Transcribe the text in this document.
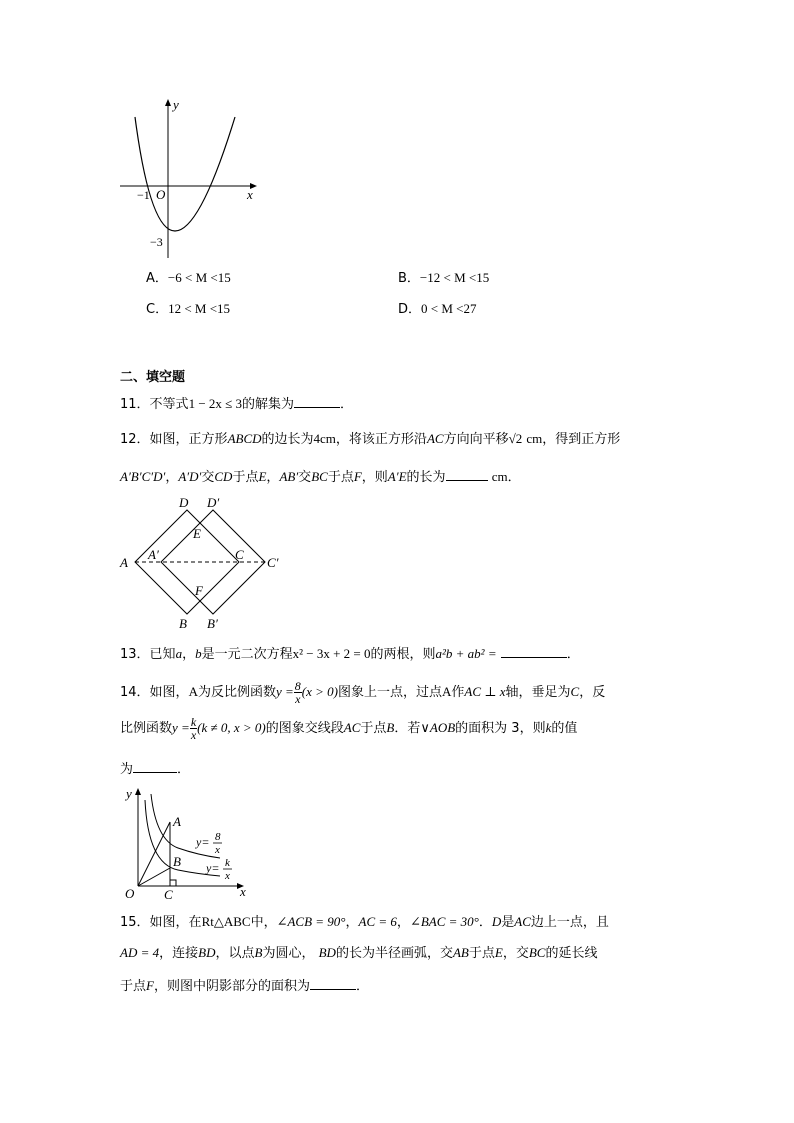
y
x
O
−1
−3
A．−6 < M <15	B．−12 < M <15
C．12 < M <15	D．0 < M <27
二、填空题
11．不等式1 − 2x ≤ 3的解集为	．
12．如图，正方形ABCD的边长为4cm，将该正方形沿AC方向向平移√2 cm，得到正方形
A′B′C′D′，A′D′交CD于点E，AB′交BC于点F，则A′E的长为	cm．
D D′
E
A
A′	C
C′
F
B B′
13．已知a，b是一元二次方程x² − 3x + 2 = 0的两根，则a²b + ab² =	．
14．如图，A为反比例函数$y = \frac{8}{x} (x > 0)$图象上一点，过点A作AC ⊥ x轴，垂足为C，反
比例函数$y = \frac{k}{x} (k \ne 0$, x > 0)的图象交线段AC于点B．若∨AOB的面积为 3，则k的值
为	．
y
x
O C
A
B
y= 8
x
y= k
x
15．如图，在Rt△ABC中，∠ACB = 90°，AC = 6，∠BAC = 30°．D是AC边上一点，且
AD = 4，连接BD，以点B为圆心， BD的长为半径画弧，交AB于点E，交BC的延长线
于点F，则图中阴影部分的面积为	．
